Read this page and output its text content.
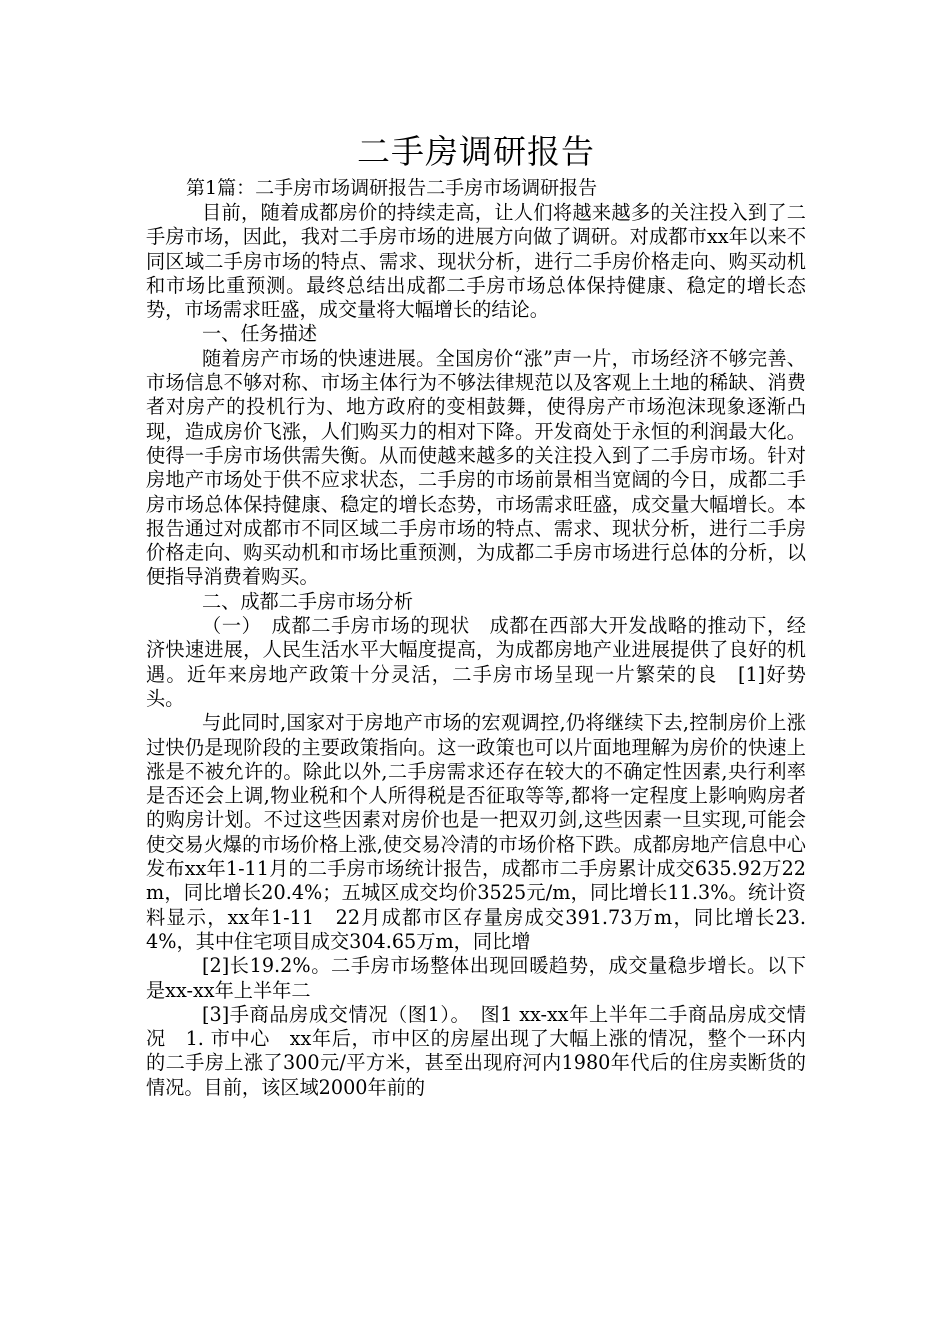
二手房调研报告

第1篇：二手房市场调研报告二手房市场调研报告

目前，随着成都房价的持续走高，让人们将越来越多的关注投入到了二手房市场，因此，我对二手房市场的进展方向做了调研。对成都市xx年以来不同区域二手房市场的特点、需求、现状分析，进行二手房价格走向、购买动机和市场比重预测。最终总结出成都二手房市场总体保持健康、稳定的增长态势，市场需求旺盛，成交量将大幅增长的结论。

一、任务描述

随着房产市场的快速进展。全国房价“涨”声一片，市场经济不够完善、市场信息不够对称、市场主体行为不够法律规范以及客观上土地的稀缺、消费者对房产的投机行为、地方政府的变相鼓舞，使得房产市场泡沫现象逐渐凸现，造成房价飞涨，人们购买力的相对下降。开发商处于永恒的利润最大化。使得一手房市场供需失衡。从而使越来越多的关注投入到了二手房市场。针对房地产市场处于供不应求状态，二手房的市场前景相当宽阔的今日，成都二手房市场总体保持健康、稳定的增长态势，市场需求旺盛，成交量大幅增长。本报告通过对成都市不同区域二手房市场的特点、需求、现状分析，进行二手房价格走向、购买动机和市场比重预测，为成都二手房市场进行总体的分析，以便指导消费着购买。

二、成都二手房市场分析

（一）　成都二手房市场的现状　成都在西部大开发战略的推动下，经济快速进展，人民生活水平大幅度提高，为成都房地产业进展提供了良好的机遇。近年来房地产政策十分灵活，二手房市场呈现一片繁荣的良　[1]好势头。

与此同时,国家对于房地产市场的宏观调控,仍将继续下去,控制房价上涨过快仍是现阶段的主要政策指向。这一政策也可以片面地理解为房价的快速上涨是不被允许的。除此以外,二手房需求还存在较大的不确定性因素,央行利率是否还会上调,物业税和个人所得税是否征取等等,都将一定程度上影响购房者的购房计划。不过这些因素对房价也是一把双刃剑,这些因素一旦实现,可能会使交易火爆的市场价格上涨,使交易冷清的市场价格下跌。成都房地产信息中心发布xx年1-11月的二手房市场统计报告，成都市二手房累计成交635.92万22m，同比增长20.4%；五城区成交均价3525元/m，同比增长11.3%。统计资料显示，xx年1-11　22月成都市区存量房成交391.73万m，同比增长23.4%，其中住宅项目成交304.65万m，同比增

[2]长19.2%。二手房市场整体出现回暖趋势，成交量稳步增长。以下是xx-xx年上半年二

[3]手商品房成交情况（图1）。　图1 xx-xx年上半年二手商品房成交情况　1. 市中心　xx年后，市中区的房屋出现了大幅上涨的情况，整个一环内的二手房上涨了300元/平方米，甚至出现府河内1980年代后的住房卖断货的情况。目前，该区域2000年前的
